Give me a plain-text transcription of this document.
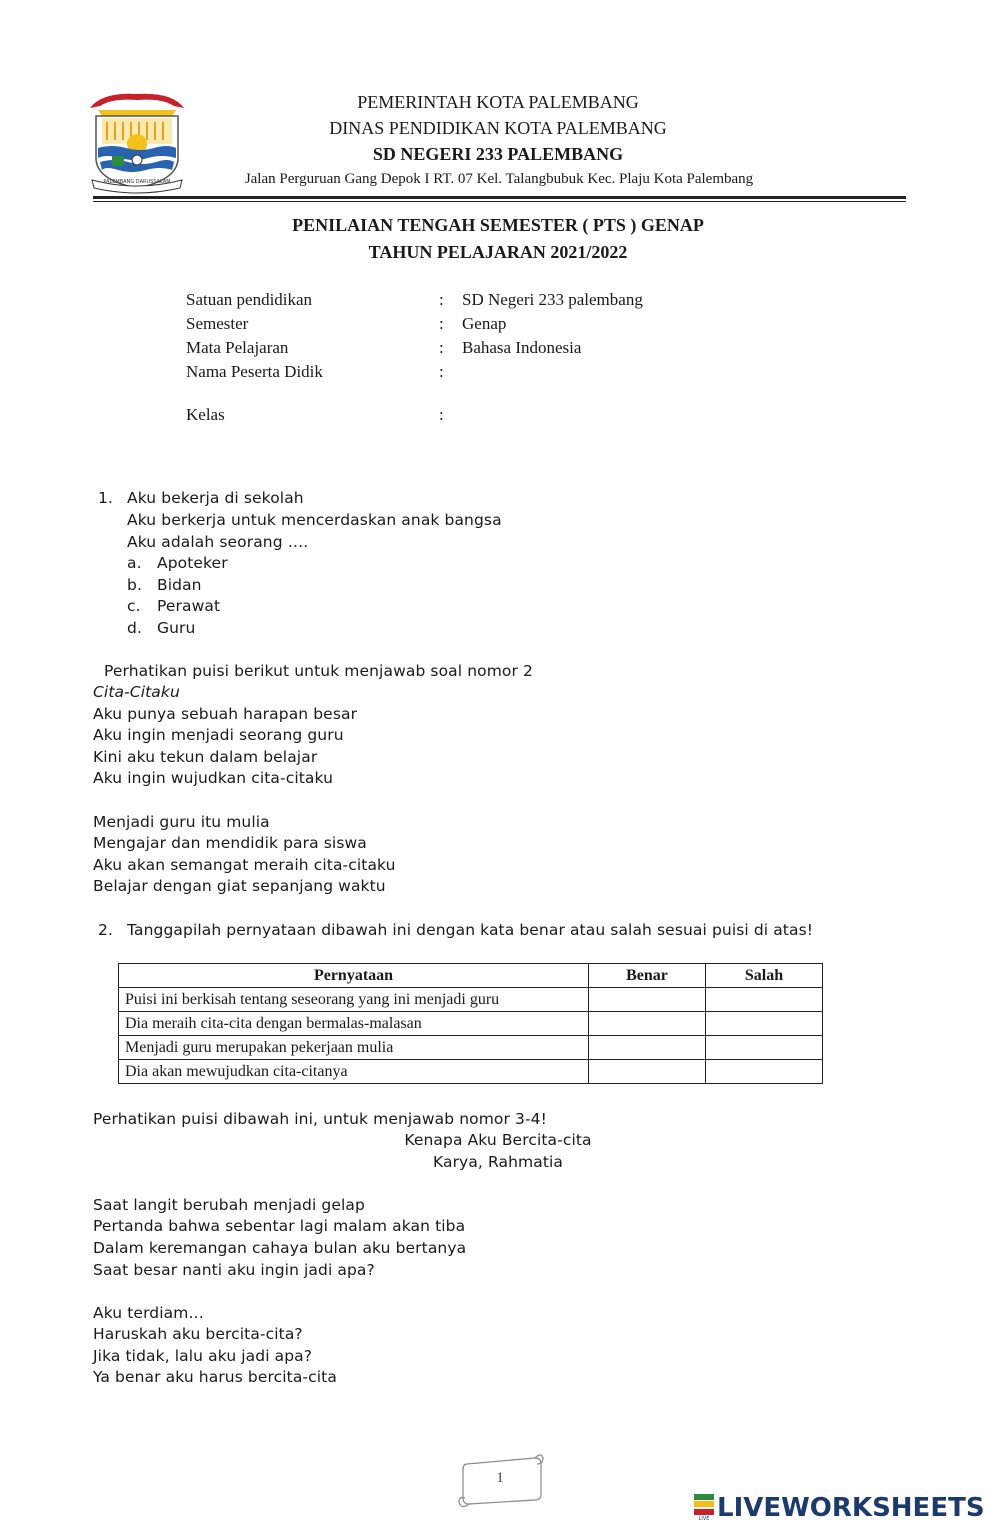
PALEMBANG DARUSSALAM
PEMERINTAH KOTA PALEMBANG
DINAS PENDIDIKAN KOTA PALEMBANG
SD NEGERI 233 PALEMBANG
Jalan Perguruan Gang Depok I RT. 07 Kel. Talangbubuk Kec. Plaju Kota Palembang
PENILAIAN TENGAH SEMESTER ( PTS ) GENAP
TAHUN PELAJARAN 2021/2022
Satuan pendidikan	: SD Negeri 233 palembang
Semester	: Genap
Mata Pelajaran	: Bahasa Indonesia
Nama Peserta Didik	:
Kelas	:
1. Aku bekerja di sekolah
Aku berkerja untuk mencerdaskan anak bangsa
Aku adalah seorang ….
a. Apoteker
b. Bidan
c. Perawat
d. Guru
Perhatikan puisi berikut untuk menjawab soal nomor 2
Cita-Citaku
Aku punya sebuah harapan besar
Aku ingin menjadi seorang guru
Kini aku tekun dalam belajar
Aku ingin wujudkan cita-citaku
Menjadi guru itu mulia
Mengajar dan mendidik para siswa
Aku akan semangat meraih cita-citaku
Belajar dengan giat sepanjang waktu
2. Tanggapilah pernyataan dibawah ini dengan kata benar atau salah sesuai puisi di atas!
Pernyataan	Benar	Salah
Puisi ini berkisah tentang seseorang yang ini menjadi guru		
Dia meraih cita-cita dengan bermalas-malasan		
Menjadi guru merupakan pekerjaan mulia		
Dia akan mewujudkan cita-citanya		
Perhatikan puisi dibawah ini, untuk menjawab nomor 3-4!
Kenapa Aku Bercita-cita
Karya, Rahmatia
Saat langit berubah menjadi gelap
Pertanda bahwa sebentar lagi malam akan tiba
Dalam keremangan cahaya bulan aku bertanya
Saat besar nanti aku ingin jadi apa?
Aku terdiam…
Haruskah aku bercita-cita?
Jika tidak, lalu aku jadi apa?
Ya benar aku harus bercita-cita
1
LIVE LIVEWORKSHEETS
